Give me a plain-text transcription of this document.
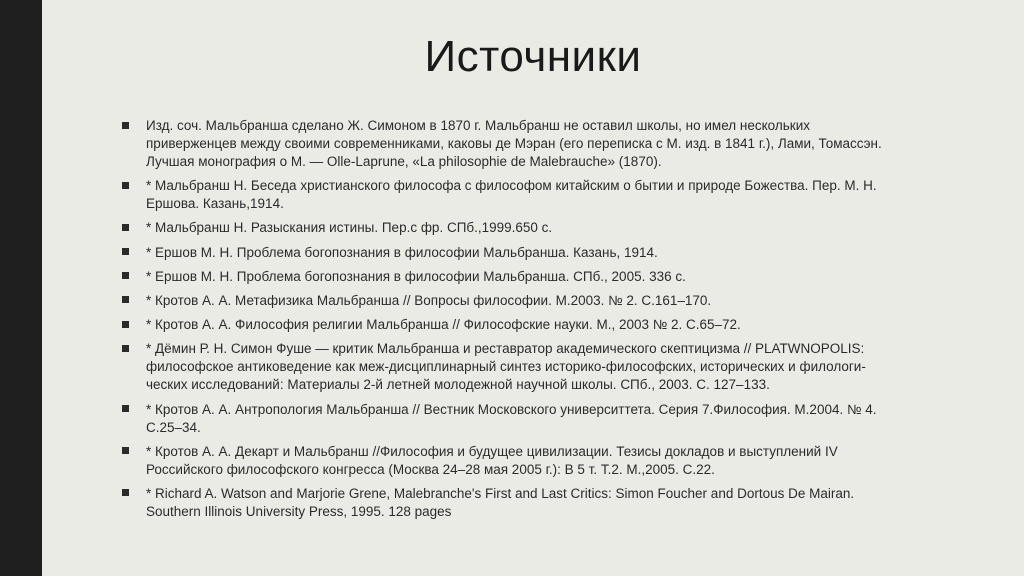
Источники
Изд. соч. Мальбранша сделано Ж. Симоном в 1870 г. Мальбранш не оставил школы, но имел нескольких приверженцев между своими современниками, каковы де Мэран (его переписка с М. изд. в 1841 г.), Лами, Томассэн. Лучшая монография о М. — Olle-Laprune, «La philosophie de Malebrauche» (1870).
* Мальбранш Н. Беседа христианского философа с философом китайским о бытии и природе Божества. Пер. М. Н. Ершова. Казань,1914.
* Мальбранш Н. Разыскания истины. Пер.с фр. СПб.,1999.650 с.
* Ершов М. Н. Проблема богопознания в философии Мальбранша. Казань, 1914.
* Ершов М. Н. Проблема богопознания в философии Мальбранша. СПб., 2005. 336 с.
* Кротов А. А. Метафизика Мальбранша // Вопросы философии. М.2003. № 2. С.161–170.
* Кротов А. А. Философия религии Мальбранша // Философские науки. М., 2003 № 2. С.65–72.
* Дёмин Р. Н. Симон Фуше — критик Мальбранша и реставратор академического скептицизма // PLATWNOPOLIS: философское антиковедение как меж-дисциплинарный синтез историко-философских, исторических и филологи-ческих исследований: Материалы 2-й летней молодежной научной школы. СПб., 2003. С. 127–133.
* Кротов А. А. Антропология Мальбранша // Вестник Московского университтета. Серия 7.Философия. М.2004. № 4. С.25–34.
* Кротов А. А. Декарт и Мальбранш //Философия и будущее цивилизации. Тезисы докладов и выступлений IV Российского философского конгресса (Москва 24–28 мая 2005 г.): В 5 т. Т.2. М.,2005. С.22.
* Richard A. Watson and Marjorie Grene, Malebranche's First and Last Critics: Simon Foucher and Dortous De Mairan. Southern Illinois University Press, 1995. 128 pages
